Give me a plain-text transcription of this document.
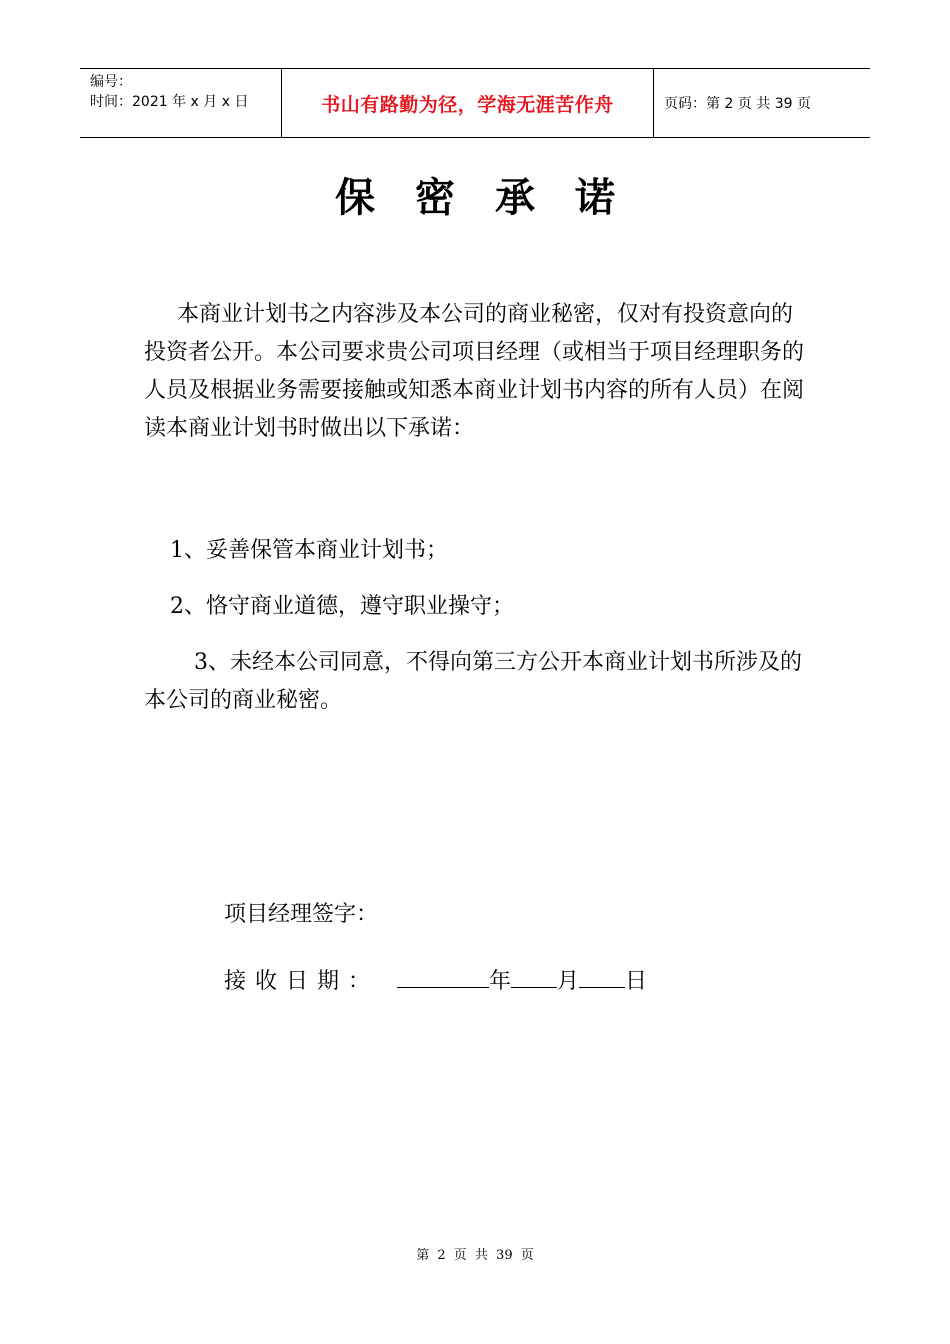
编号：
时间：2021 年 x 月 x 日	书山有路勤为径，学海无涯苦作舟	页码：第 2 页 共 39 页
保密承诺
本商业计划书之内容涉及本公司的商业秘密，仅对有投资意向的投资者公开。本公司要求贵公司项目经理（或相当于项目经理职务的人员及根据业务需要接触或知悉本商业计划书内容的所有人员）在阅读本商业计划书时做出以下承诺：
1、妥善保管本商业计划书；
2、恪守商业道德，遵守职业操守；
3、未经本公司同意，不得向第三方公开本商业计划书所涉及的本公司的商业秘密。
项目经理签字：
接收日期：	年 月 日
第 2 页 共 39 页
